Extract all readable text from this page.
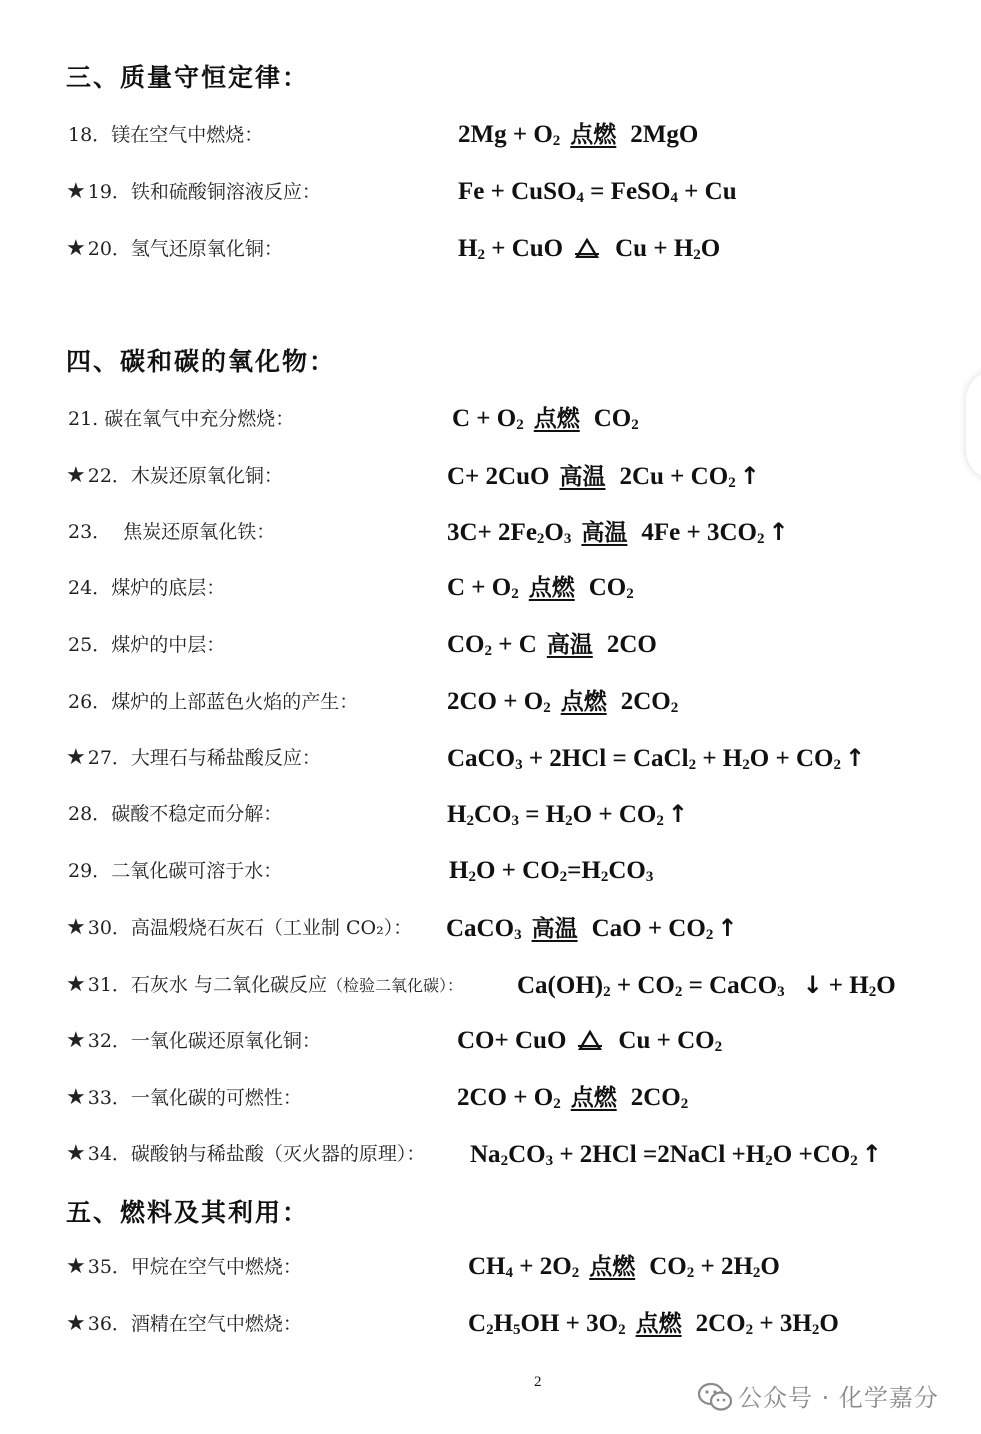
三、质量守恒定律：
四、碳和碳的氧化物：
五、燃料及其利用：
18．镁在空气中燃烧：	$2Mg + O_2$ 点燃 2MgO
★ 19．铁和硫酸铜溶液反应：	Fe + CuSO$_4$ = FeSO$_4$ + Cu
★ 20．氢气还原氧化铜：	$H_2$ + CuO $Cu + H_2O$
21. 碳在氧气中充分燃烧：	$C + O_2$ 点燃 $CO_2$
★ 22．木炭还原氧化铜：	C+ 2CuO 高温 $2Cu + CO_2$ ↑
23．  焦炭还原氧化铁：	$3C+ 2Fe_2O_3$ 高温 $4Fe + 3CO_2$ ↑
24．煤炉的底层：	$C + O_2$ 点燃 $CO_2$
25．煤炉的中层：	$CO_2 + C$ 高温 2CO
26．煤炉的上部蓝色火焰的产生：	$2CO + O_2$ 点燃 $2CO_2$
★ 27．大理石与稀盐酸反应：	CaCO$_3$ + 2HCl = CaCl$_2$ + $H_2O + CO_2$ ↑
28．碳酸不稳定而分解：	$H_2CO_3 = H_2O + CO_2$ ↑
29．二氧化碳可溶于水：	$H_2O + CO_2=H_2CO_3$
★ 30．高温煅烧石灰石（工业制 CO₂）： CaCO$_3$ 高温 CaO + $CO_2$ ↑
★ 31．石灰水 与二氧化碳反应（检验二氧化碳）： $Ca(OH)_2 + CO_2$ = CaCO$_3$ ↓ + $H_2O$
★ 32．一氧化碳还原氧化铜：	CO+ CuO $Cu + CO_2$
★ 33．一氧化碳的可燃性：	$2CO + O_2$ 点燃 $2CO_2$
★ 34．碳酸钠与稀盐酸（灭火器的原理）： $Na_2CO_3 + 2HCl$ =2NaCl $+H_2O +CO_2$ ↑
★ 35．甲烷在空气中燃烧：	$CH_4 + 2O_2$ 点燃 $CO_2 + 2H_2O$
★ 36．酒精在空气中燃烧：	$C_2H_5OH + 3O_2$ 点燃 $2CO_2 + 3H_2O$
2
公众号 · 化学嘉分
